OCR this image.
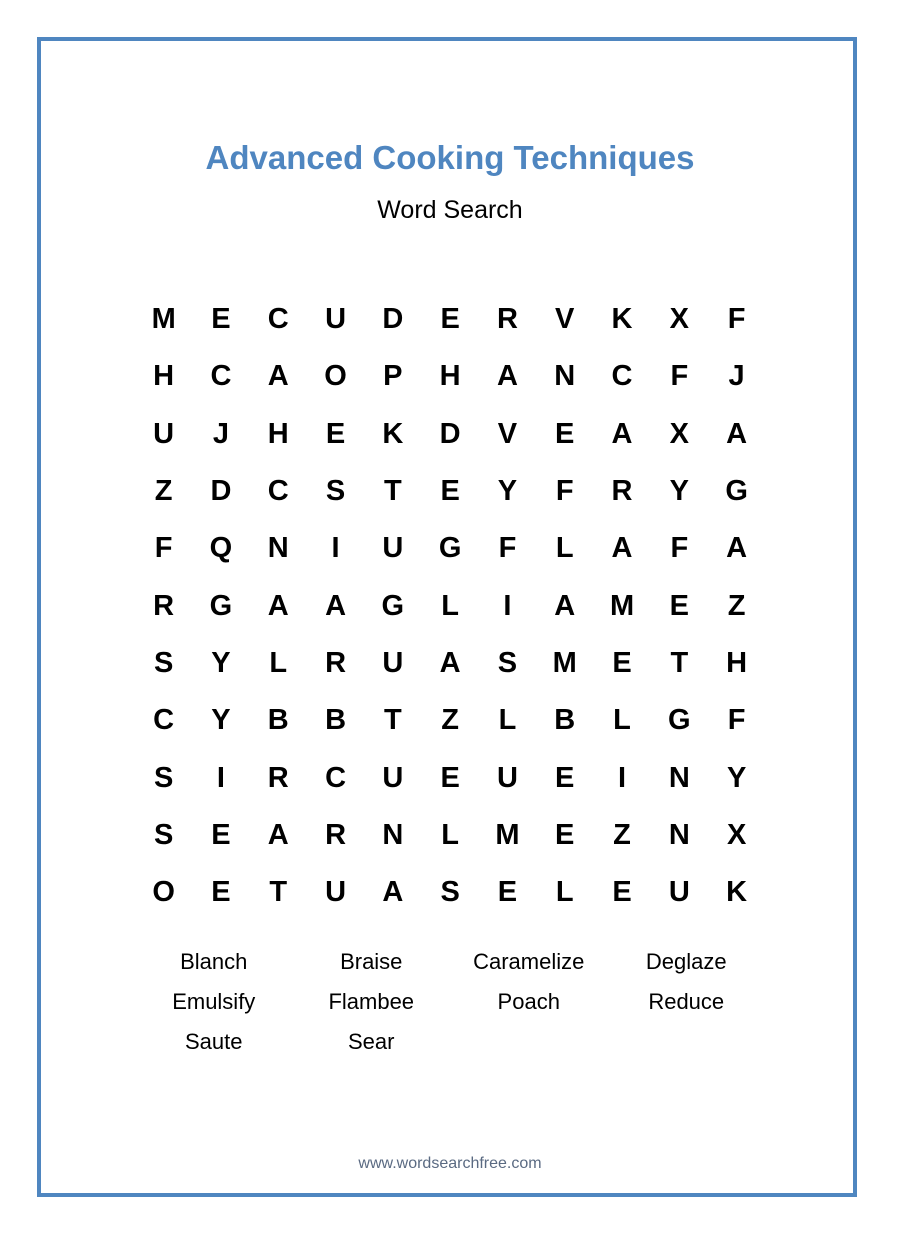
Advanced Cooking Techniques
Word Search
M	E	C	U	D	E	R	V	K	X	F
H	C	A	O	P	H	A	N	C	F	J
U	J	H	E	K	D	V	E	A	X	A
Z	D	C	S	T	E	Y	F	R	Y	G
F	Q	N	I	U	G	F	L	A	F	A
R	G	A	A	G	L	I	A	M	E	Z
S	Y	L	R	U	A	S	M	E	T	H
C	Y	B	B	T	Z	L	B	L	G	F
S	I	R	C	U	E	U	E	I	N	Y
S	E	A	R	N	L	M	E	Z	N	X
O	E	T	U	A	S	E	L	E	U	K
Blanch	Braise	Caramelize	Deglaze
Emulsify	Flambee	Poach	Reduce
Saute	Sear
www.wordsearchfree.com
